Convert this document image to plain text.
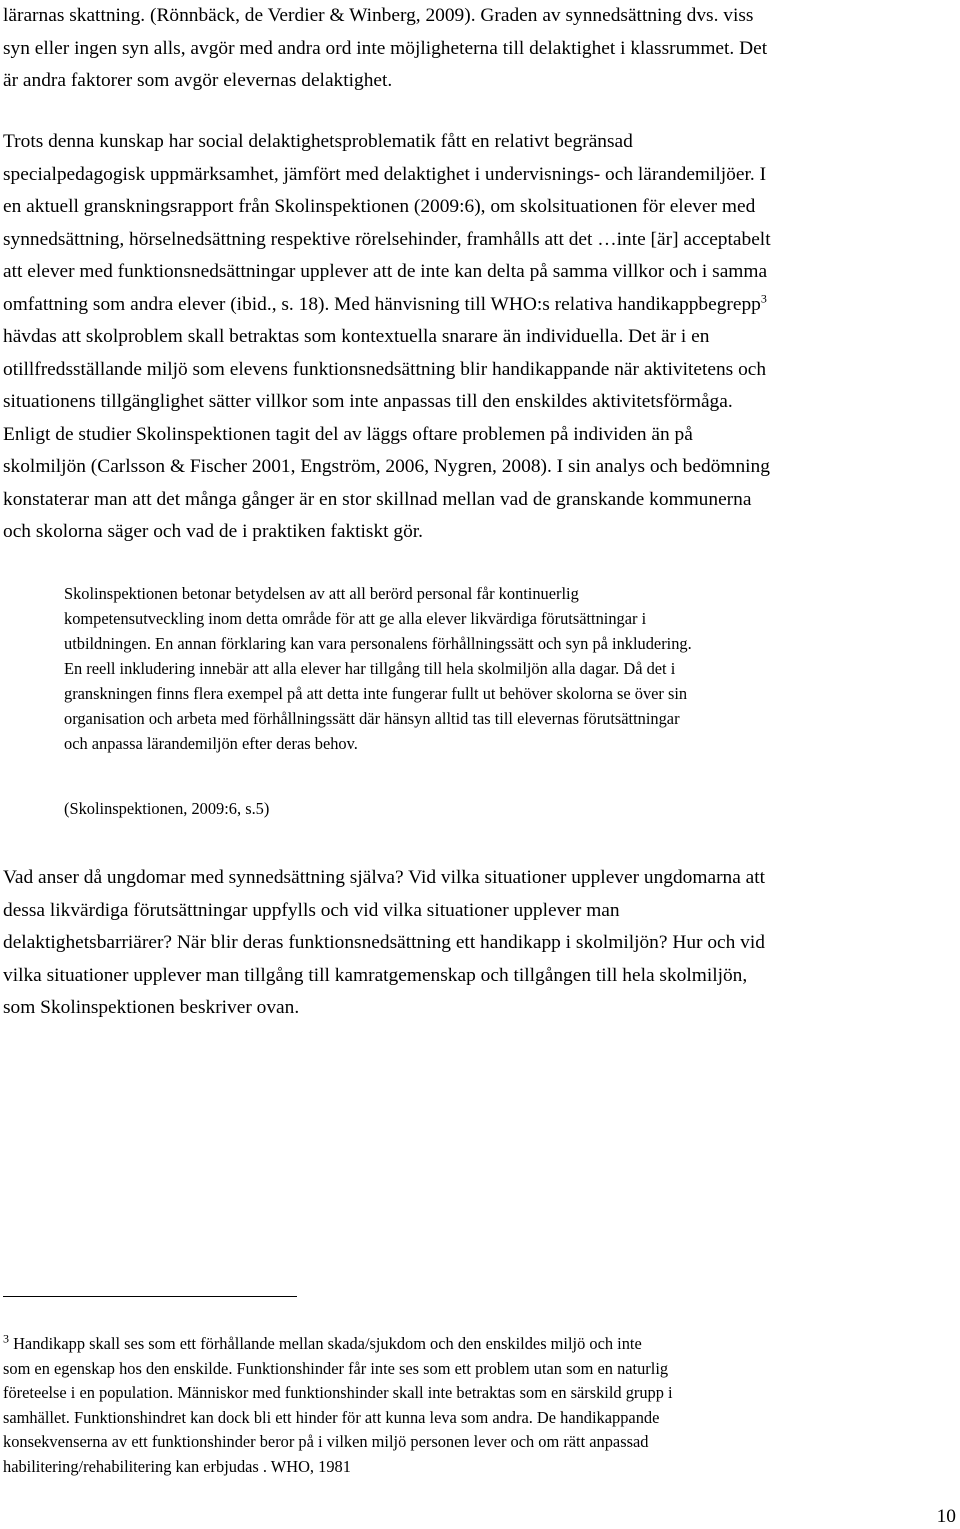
lärarnas skattning. (Rönnbäck, de Verdier & Winberg, 2009). Graden av synnedsättning dvs. viss
syn eller ingen syn alls, avgör med andra ord inte möjligheterna till delaktighet i klassrummet. Det
är andra faktorer som avgör elevernas delaktighet.

Trots denna kunskap har social delaktighetsproblematik fått en relativt begränsad
specialpedagogisk uppmärksamhet, jämfört med delaktighet i undervisnings- och lärandemiljöer. I
en aktuell granskningsrapport från Skolinspektionen (2009:6), om skolsituationen för elever med
synnedsättning, hörselnedsättning respektive rörelsehinder, framhålls att det …inte [är] acceptabelt
att elever med funktionsnedsättningar upplever att de inte kan delta på samma villkor och i samma
omfattning som andra elever (ibid., s. 18). Med hänvisning till WHO:s relativa handikappbegrepp$^3$
hävdas att skolproblem skall betraktas som kontextuella snarare än individuella. Det är i en
otillfredsställande miljö som elevens funktionsnedsättning blir handikappande när aktivitetens och
situationens tillgänglighet sätter villkor som inte anpassas till den enskildes aktivitetsförmåga.
Enligt de studier Skolinspektionen tagit del av läggs oftare problemen på individen än på
skolmiljön (Carlsson & Fischer 2001, Engström, 2006, Nygren, 2008). I sin analys och bedömning
konstaterar man att det många gånger är en stor skillnad mellan vad de granskande kommunerna
och skolorna säger och vad de i praktiken faktiskt gör.

Skolinspektionen betonar betydelsen av att all berörd personal får kontinuerlig
kompetensutveckling inom detta område för att ge alla elever likvärdiga förutsättningar i
utbildningen. En annan förklaring kan vara personalens förhållningssätt och syn på inkludering.
En reell inkludering innebär att alla elever har tillgång till hela skolmiljön alla dagar. Då det i
granskningen finns flera exempel på att detta inte fungerar fullt ut behöver skolorna se över sin
organisation och arbeta med förhållningssätt där hänsyn alltid tas till elevernas förutsättningar
och anpassa lärandemiljön efter deras behov.

(Skolinspektionen, 2009:6, s.5)

Vad anser då ungdomar med synnedsättning själva? Vid vilka situationer upplever ungdomarna att
dessa likvärdiga förutsättningar uppfylls och vid vilka situationer upplever man
delaktighetsbarriärer? När blir deras funktionsnedsättning ett handikapp i skolmiljön? Hur och vid
vilka situationer upplever man tillgång till kamratgemenskap och tillgången till hela skolmiljön,
som Skolinspektionen beskriver ovan.

$^3$ Handikapp skall ses som ett förhållande mellan skada/sjukdom och den enskildes miljö och inte
som en egenskap hos den enskilde. Funktionshinder får inte ses som ett problem utan som en naturlig
företeelse i en population. Människor med funktionshinder skall inte betraktas som en särskild grupp i
samhället. Funktionshindret kan dock bli ett hinder för att kunna leva som andra. De handikappande
konsekvenserna av ett funktionshinder beror på i vilken miljö personen lever och om rätt anpassad
habilitering/rehabilitering kan erbjudas . WHO, 1981

10
